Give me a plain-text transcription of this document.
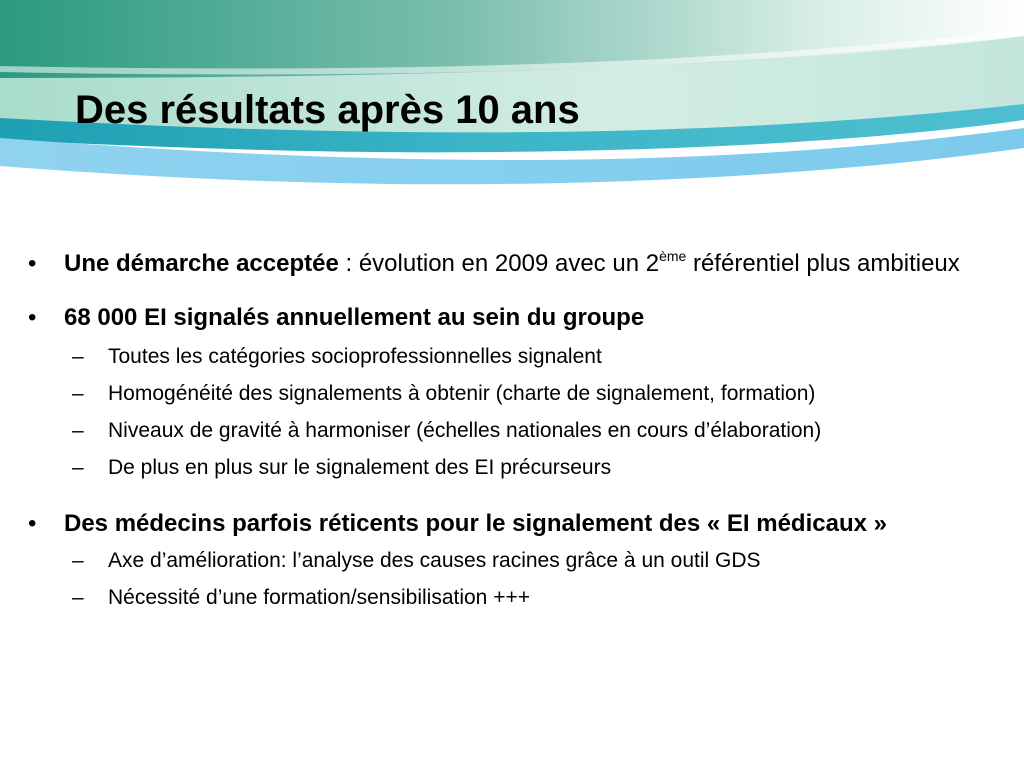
Des résultats après 10 ans
•	Une démarche acceptée : évolution en 2009 avec un 2ème référentiel plus ambitieux
•	68 000 EI signalés annuellement au sein du groupe
– Toutes les catégories socioprofessionnelles signalent
– Homogénéité des signalements à obtenir (charte de signalement, formation)
– Niveaux de gravité à harmoniser (échelles nationales en cours d’élaboration)
– De plus en plus sur le signalement des EI précurseurs
•	Des médecins parfois réticents pour le signalement des « EI médicaux »
– Axe d’amélioration: l’analyse des causes racines grâce à un outil GDS
– Nécessité d’une formation/sensibilisation +++
